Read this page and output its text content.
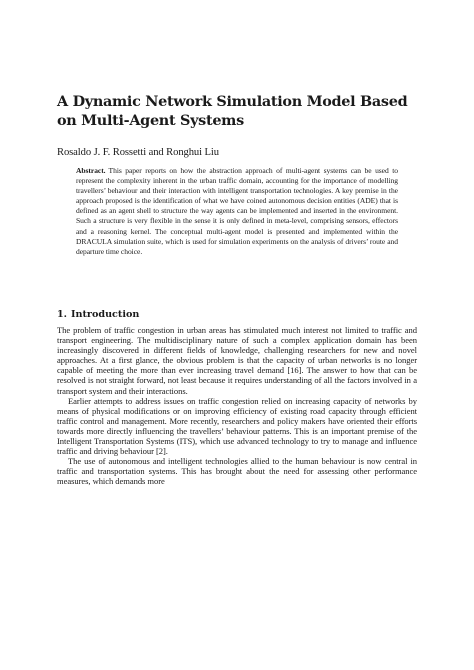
A Dynamic Network Simulation Model Based on Multi-Agent Systems

Rosaldo J. F. Rossetti and Ronghui Liu

Abstract. This paper reports on how the abstraction approach of multi-agent systems can be used to represent the complexity inherent in the urban traffic domain, accounting for the importance of modelling travellers’ behaviour and their interaction with intelligent transportation technologies. A key premise in the approach proposed is the identification of what we have coined autonomous decision entities (ADE) that is defined as an agent shell to structure the way agents can be implemented and inserted in the environment. Such a structure is very flexible in the sense it is only defined in meta-level, comprising sensors, effectors and a reasoning kernel. The conceptual multi-agent model is presented and implemented within the DRACULA simulation suite, which is used for simulation experiments on the analysis of drivers’ route and departure time choice.

1. Introduction

The problem of traffic congestion in urban areas has stimulated much interest not limited to traffic and transport engineering. The multidisciplinary nature of such a complex application domain has been increasingly discovered in different fields of knowledge, challenging researchers for new and novel approaches. At a first glance, the obvious problem is that the capacity of urban networks is no longer capable of meeting the more than ever increasing travel demand [16]. The answer to how that can be resolved is not straight forward, not least because it requires understanding of all the factors involved in a transport system and their interactions.

Earlier attempts to address issues on traffic congestion relied on increasing capacity of networks by means of physical modifications or on improving efficiency of existing road capacity through efficient traffic control and management. More recently, researchers and policy makers have oriented their efforts towards more directly influencing the travellers’ behaviour patterns. This is an important premise of the Intelligent Transportation Systems (ITS), which use advanced technology to try to manage and influence traffic and driving behaviour [2].

The use of autonomous and intelligent technologies allied to the human behaviour is now central in traffic and transportation systems. This has brought about the need for assessing other performance measures, which demands more
